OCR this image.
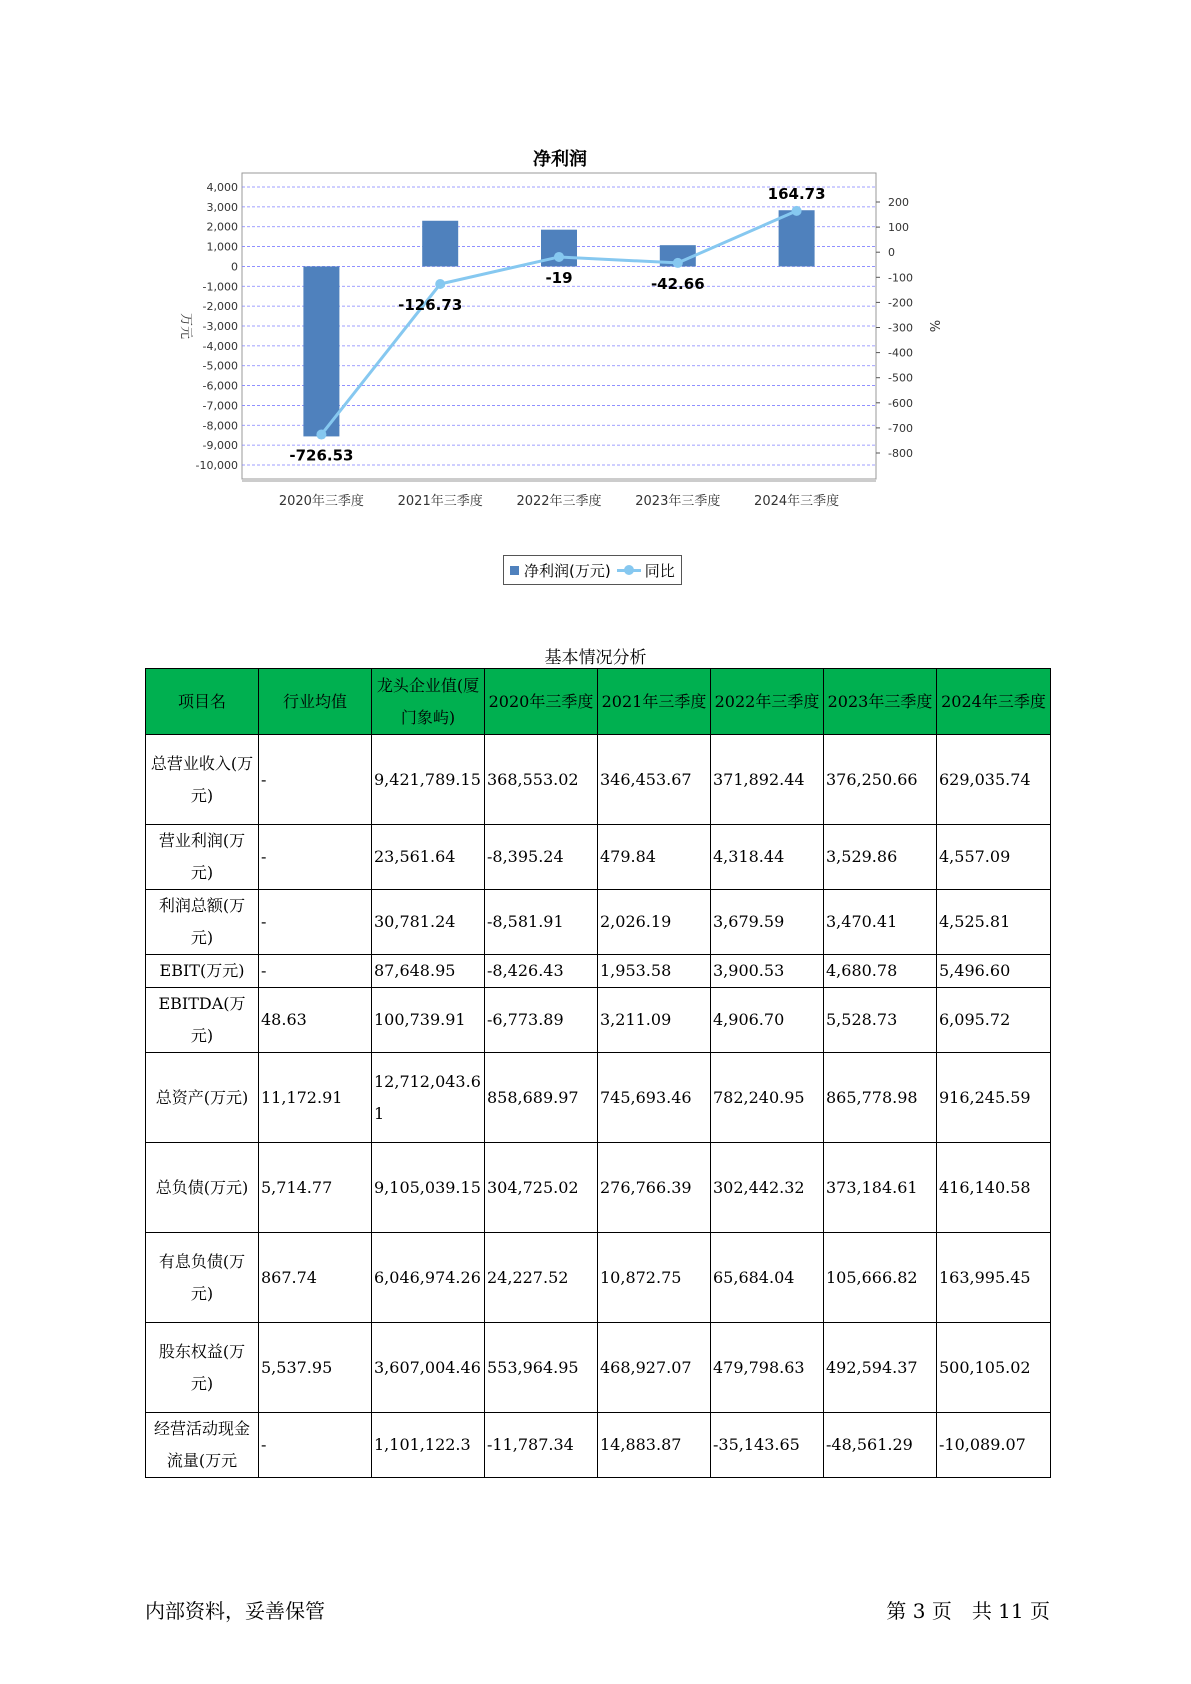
净利润
4,000
3,000
2,000
1,000
0
-1,000
-2,000
-3,000
-4,000
-5,000
-6,000
-7,000
-8,000
-9,000
-10,000
200
100
0
-100
-200
-300
-400
-500
-600
-700
-800
万元	%
2020年三季度	2021年三季度	2022年三季度	2023年三季度	2024年三季度
-726.53
-126.73
-19	-42.66
164.73
净利润(万元) 同比
基本情况分析
项目名	行业均值	龙头企业值(厦门象屿)	2020年三季度	2021年三季度	2022年三季度	2023年三季度	2024年三季度
总营业收入(万元)	-	9,421,789.15	368,553.02	346,453.67	371,892.44	376,250.66	629,035.74
营业利润(万元)	-	23,561.64	-8,395.24	479.84	4,318.44	3,529.86	4,557.09
利润总额(万元)	-	30,781.24	-8,581.91	2,026.19	3,679.59	3,470.41	4,525.81
EBIT(万元)	-	87,648.95	-8,426.43	1,953.58	3,900.53	4,680.78	5,496.60
EBITDA(万元)	48.63	100,739.91	-6,773.89	3,211.09	4,906.70	5,528.73	6,095.72
总资产(万元)	11,172.91	12,712,043.61	858,689.97	745,693.46	782,240.95	865,778.98	916,245.59
总负债(万元)	5,714.77	9,105,039.15	304,725.02	276,766.39	302,442.32	373,184.61	416,140.58
有息负债(万元)	867.74	6,046,974.26	24,227.52	10,872.75	65,684.04	105,666.82	163,995.45
股东权益(万元)	5,537.95	3,607,004.46	553,964.95	468,927.07	479,798.63	492,594.37	500,105.02
经营活动现金流量(万元	-	1,101,122.3	-11,787.34	14,883.87	-35,143.65	-48,561.29	-10,089.07
内部资料，妥善保管	第 3 页　共 11 页
